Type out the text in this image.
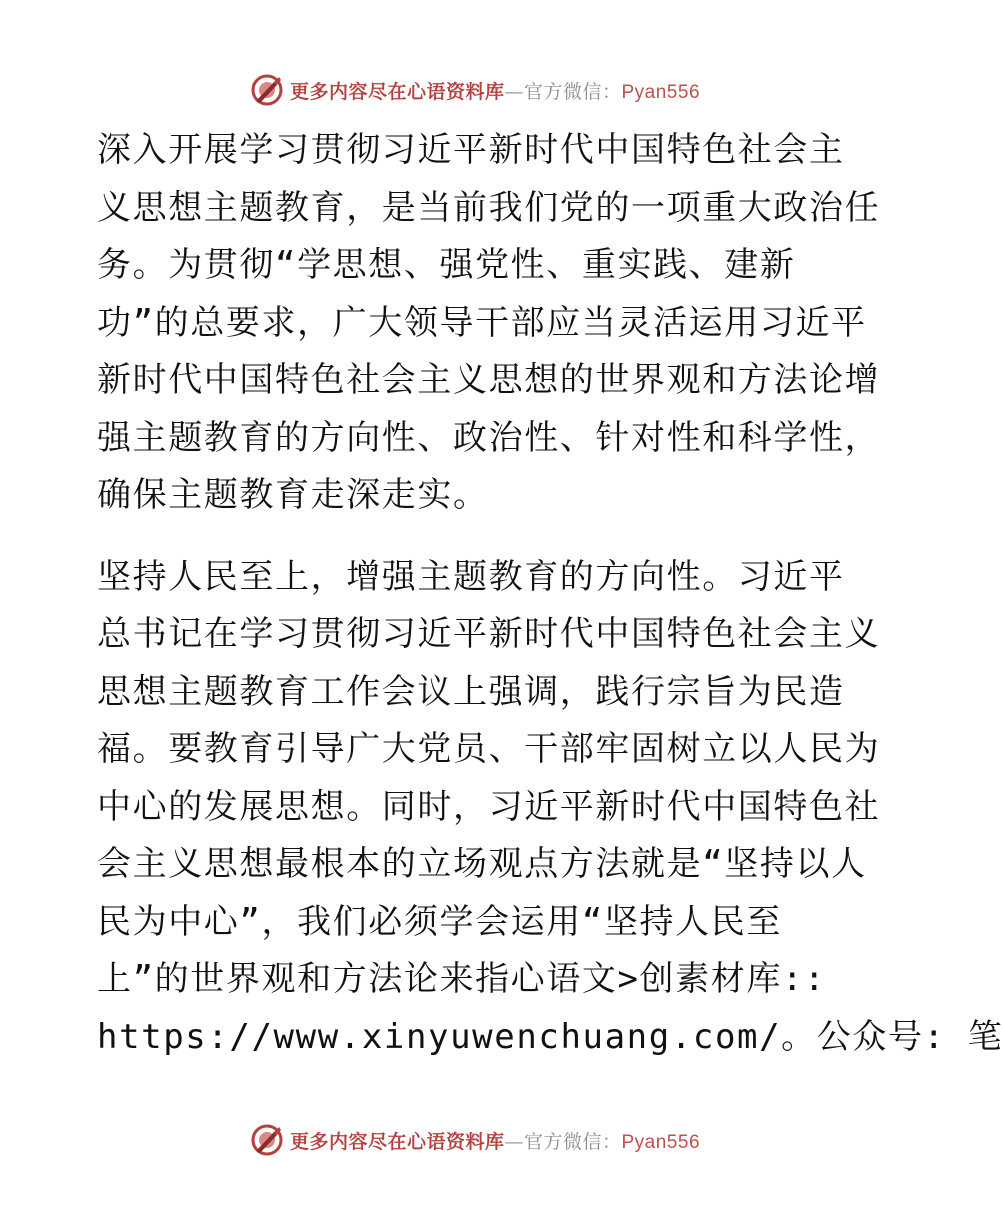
更多内容尽在心语资料库—官方微信：Pyan556
深入开展学习贯彻习近平新时代中国特色社会主
义思想主题教育，是当前我们党的一项重大政治任
务。为贯彻“学思想、强党性、重实践、建新
功”的总要求，广大领导干部应当灵活运用习近平
新时代中国特色社会主义思想的世界观和方法论增
强主题教育的方向性、政治性、针对性和科学性，
确保主题教育走深走实。
坚持人民至上，增强主题教育的方向性。习近平
总书记在学习贯彻习近平新时代中国特色社会主义
思想主题教育工作会议上强调，践行宗旨为民造
福。要教育引导广大党员、干部牢固树立以人民为
中心的发展思想。同时，习近平新时代中国特色社
会主义思想最根本的立场观点方法就是“坚持以人
民为中心”，我们必须学会运用“坚持人民至
上”的世界观和方法论来指心语文>创素材库::
https://www.xinyuwenchuang.com/。公众号: 笔
更多内容尽在心语资料库—官方微信：Pyan556
